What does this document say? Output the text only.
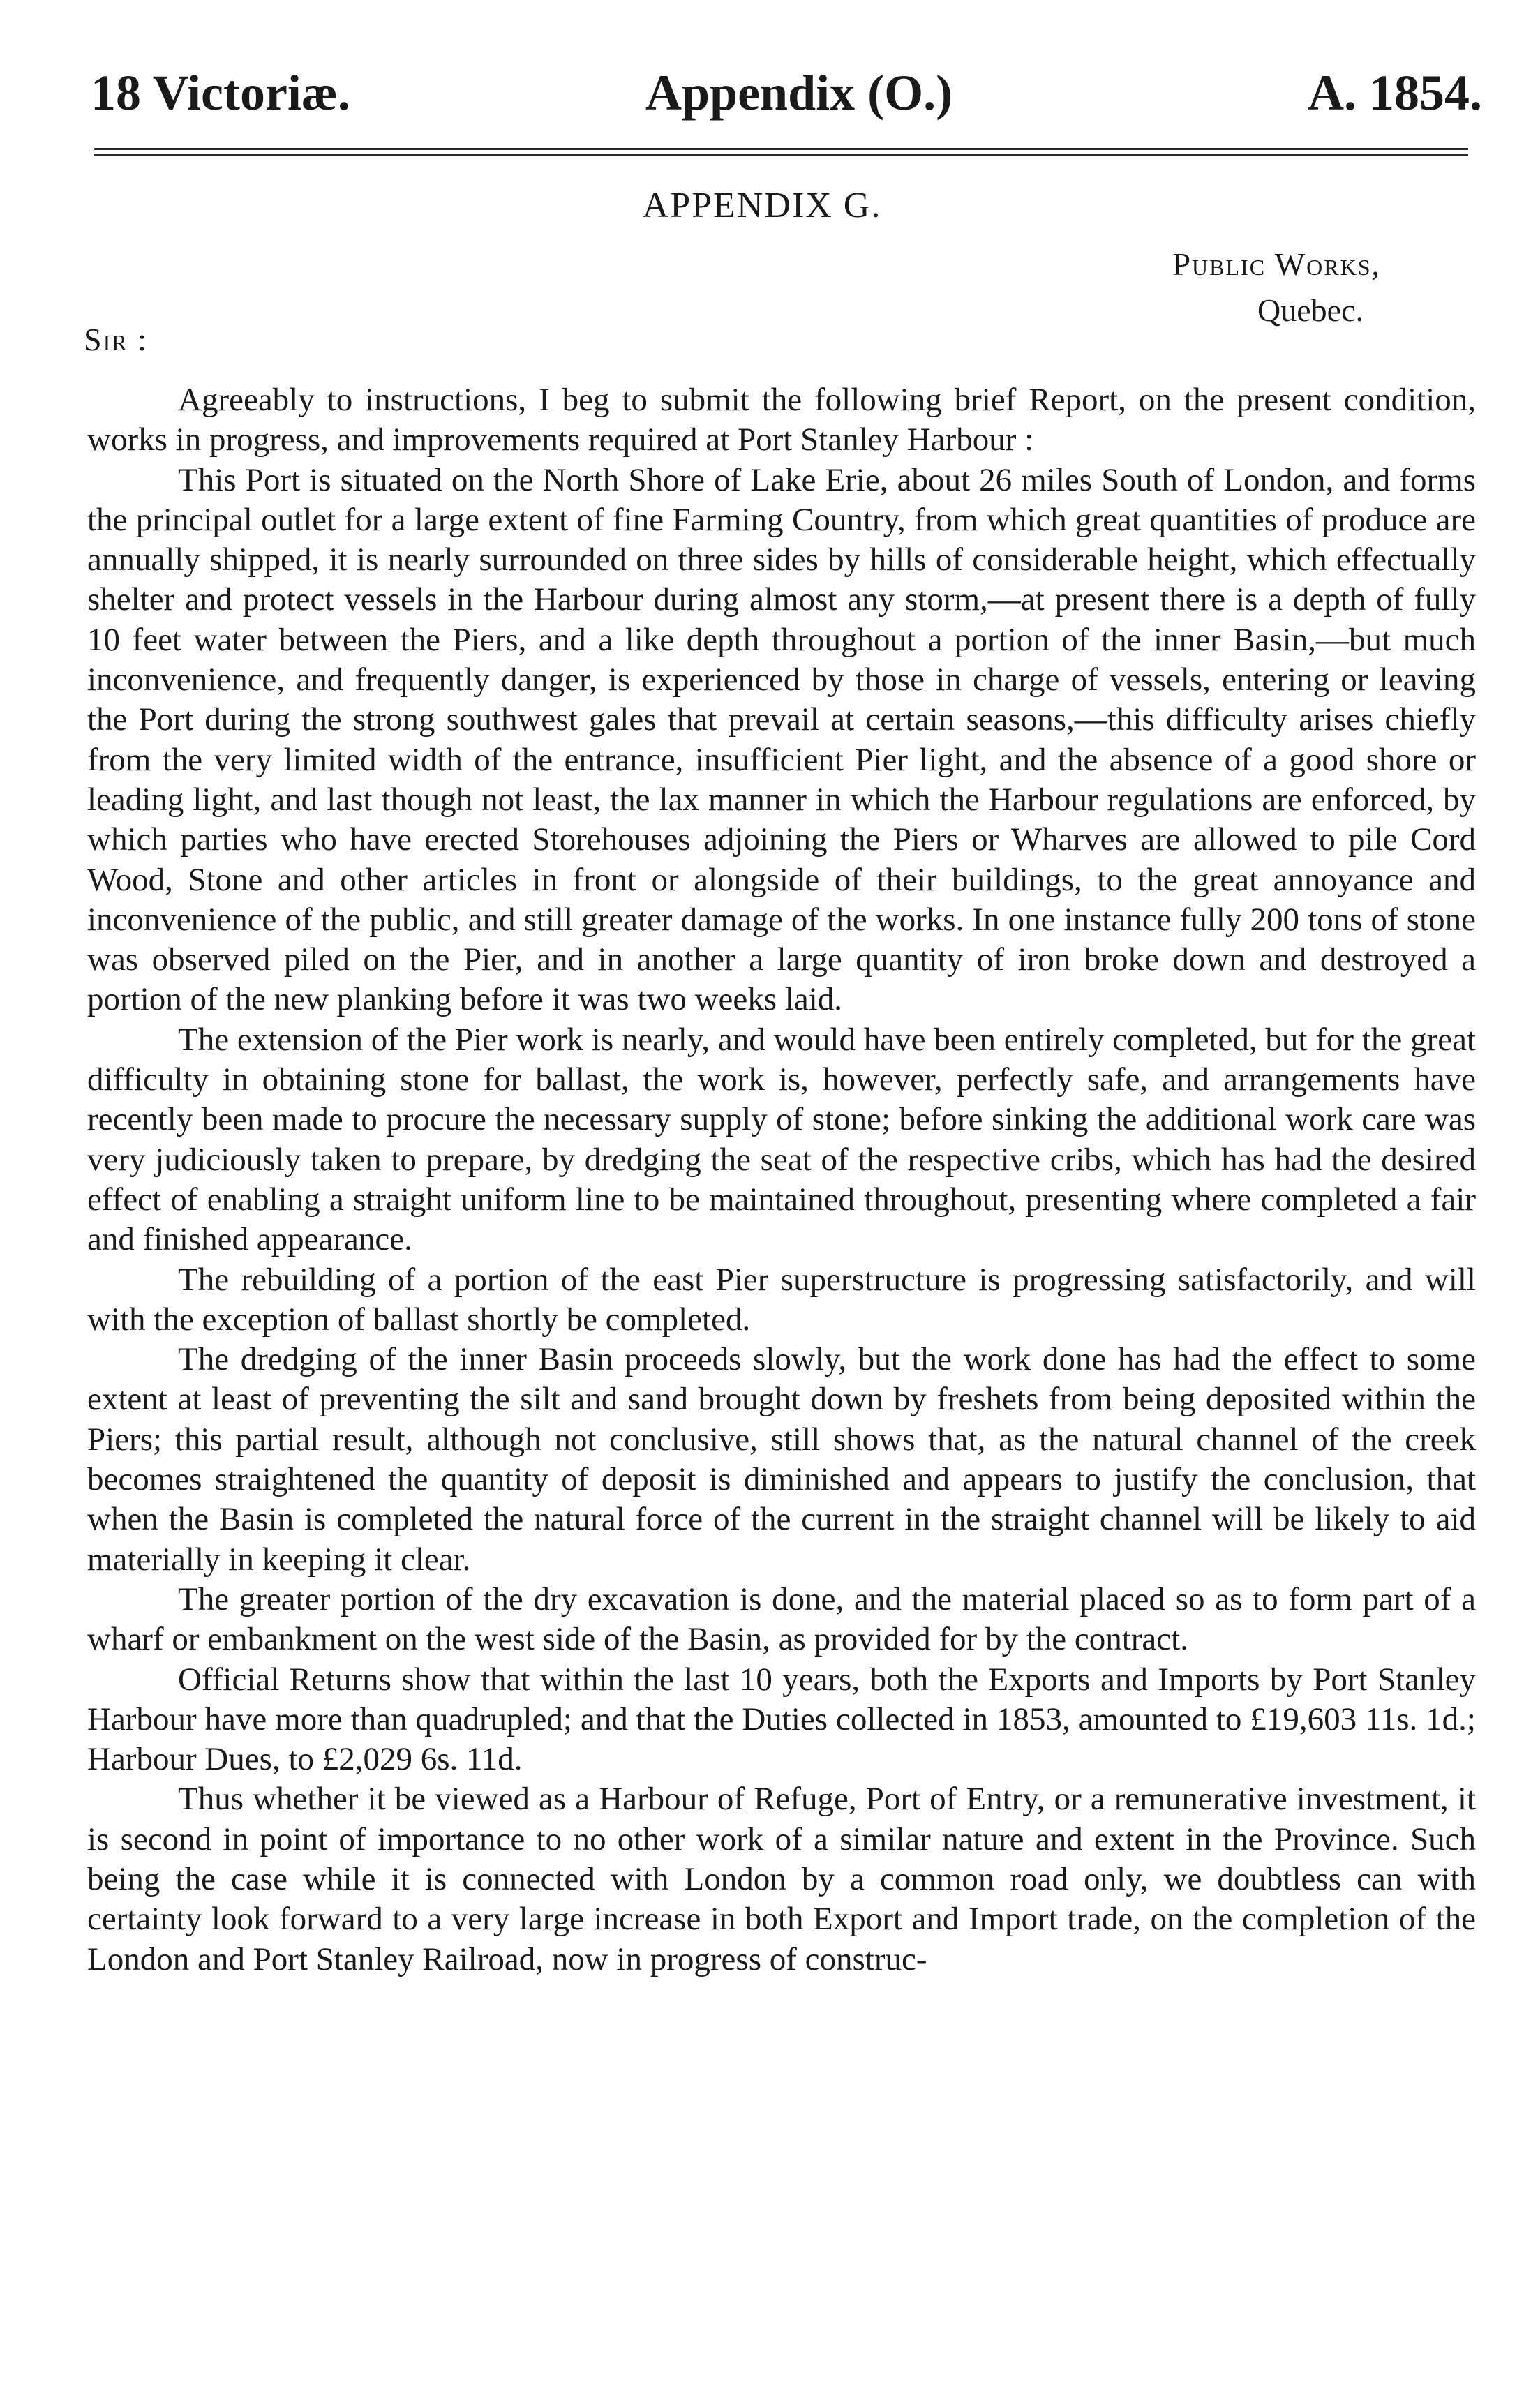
18 Victoriæ.	Appendix (O.)	A. 1854.
APPENDIX G.
Public Works,
Quebec.
Sir :

Agreeably to instructions, I beg to submit the following brief Report, on the present condition, works in progress, and improvements required at Port Stanley Harbour :

This Port is situated on the North Shore of Lake Erie, about 26 miles South of London, and forms the principal outlet for a large extent of fine Farming Country, from which great quantities of produce are annually shipped, it is nearly surrounded on three sides by hills of considerable height, which effectually shelter and protect vessels in the Harbour during almost any storm,—at present there is a depth of fully 10 feet water between the Piers, and a like depth throughout a portion of the inner Basin,—but much inconvenience, and frequently danger, is experienced by those in charge of vessels, entering or leaving the Port during the strong southwest gales that prevail at certain seasons,—this difficulty arises chiefly from the very limited width of the entrance, insufficient Pier light, and the absence of a good shore or leading light, and last though not least, the lax manner in which the Harbour regulations are enforced, by which parties who have erected Storehouses adjoining the Piers or Wharves are allowed to pile Cord Wood, Stone and other articles in front or alongside of their buildings, to the great annoyance and inconvenience of the public, and still greater damage of the works. In one instance fully 200 tons of stone was observed piled on the Pier, and in another a large quantity of iron broke down and destroyed a portion of the new planking before it was two weeks laid.

The extension of the Pier work is nearly, and would have been entirely completed, but for the great difficulty in obtaining stone for ballast, the work is, however, perfectly safe, and arrangements have recently been made to procure the necessary supply of stone; before sinking the additional work care was very judiciously taken to prepare, by dredging the seat of the respective cribs, which has had the desired effect of enabling a straight uniform line to be maintained throughout, presenting where completed a fair and finished appearance.

The rebuilding of a portion of the east Pier superstructure is progressing satisfactorily, and will with the exception of ballast shortly be completed.

The dredging of the inner Basin proceeds slowly, but the work done has had the effect to some extent at least of preventing the silt and sand brought down by freshets from being deposited within the Piers; this partial result, although not conclusive, still shows that, as the natural channel of the creek becomes straightened the quantity of deposit is diminished and appears to justify the conclusion, that when the Basin is completed the natural force of the current in the straight channel will be likely to aid materially in keeping it clear.

The greater portion of the dry excavation is done, and the material placed so as to form part of a wharf or embankment on the west side of the Basin, as provided for by the contract.

Official Returns show that within the last 10 years, both the Exports and Imports by Port Stanley Harbour have more than quadrupled; and that the Duties collected in 1853, amounted to £19,603 11s. 1d.; Harbour Dues, to £2,029 6s. 11d.

Thus whether it be viewed as a Harbour of Refuge, Port of Entry, or a remunerative investment, it is second in point of importance to no other work of a similar nature and extent in the Province. Such being the case while it is connected with London by a common road only, we doubtless can with certainty look forward to a very large increase in both Export and Import trade, on the completion of the London and Port Stanley Railroad, now in progress of construc-
